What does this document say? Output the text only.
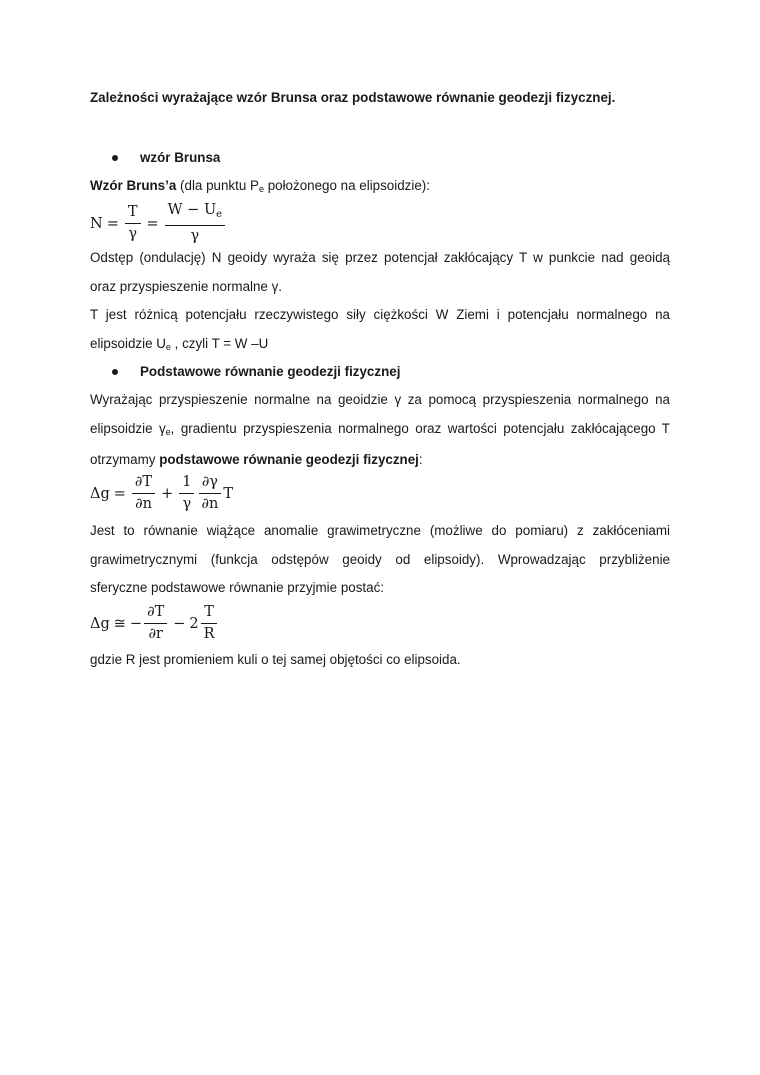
Zależności wyrażające wzór Brunsa oraz podstawowe równanie geodezji fizycznej.
wzór Brunsa
Wzór Bruns’a (dla punktu $P_e$ położonego na elipsoidzie):
$N = \frac{T}{\gamma} = \frac{W - U_e}{\gamma}$
Odstęp (ondulację) N geoidy wyraża się przez potencjał zakłócający T w punkcie nad geoidą
oraz przyspieszenie normalne γ.
T jest różnicą potencjału rzeczywistego siły ciężkości W Ziemi i potencjału normalnego na
elipsoidzie $U_e$ , czyli T = W –U
Podstawowe równanie geodezji fizycznej
Wyrażając przyspieszenie normalne na geoidzie γ za pomocą przyspieszenia normalnego na
elipsoidzie $\gamma_e$, gradientu przyspieszenia normalnego oraz wartości potencjału zakłócającego T
otrzymamy podstawowe równanie geodezji fizycznej:
$\Delta g = \frac{\partial T}{\partial n} + \frac{1}{\gamma} \frac{\partial\gamma}{\partial n}$ T
Jest to równanie wiążące anomalie grawimetryczne (możliwe do pomiaru) z zakłóceniami
grawimetrycznymi (funkcja odstępów geoidy od elipsoidy). Wprowadzając przybliżenie
sferyczne podstawowe równanie przyjmie postać:
Δg ≅ − $\frac{\partial T}{\partial r} - 2 \frac{T}{R}$
gdzie R jest promieniem kuli o tej samej objętości co elipsoida.
